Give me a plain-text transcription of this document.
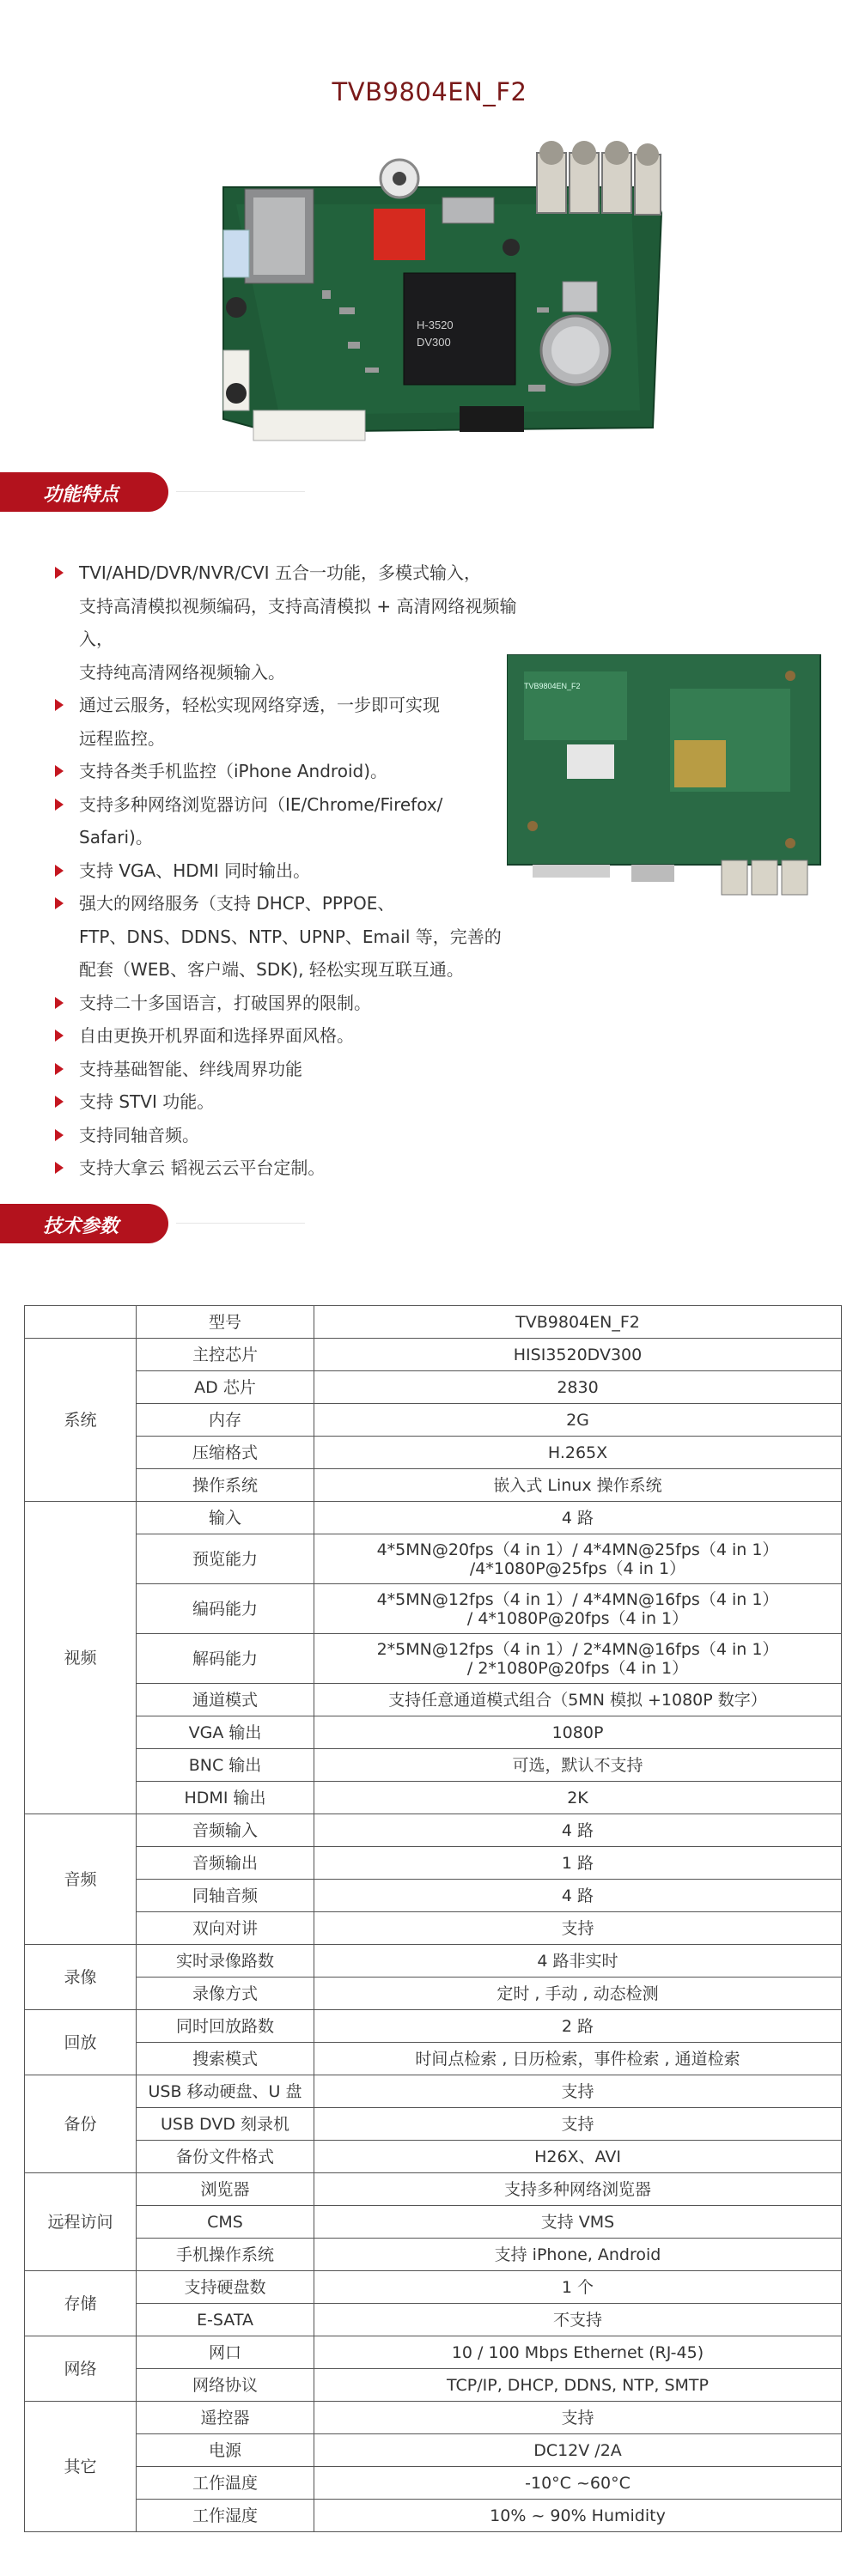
TVB9804EN_F2
H-3520
DV300
功能特点
TVI/AHD/DVR/NVR/CVI 五合一功能，多模式输入，
支持高清模拟视频编码，支持高清模拟 + 高清网络视频输入，
支持纯高清网络视频输入。
通过云服务，轻松实现网络穿透，一步即可实现
远程监控。
支持各类手机监控（iPhone Android)。
支持多种网络浏览器访问（IE/Chrome/Firefox/
Safari)。
支持 VGA、HDMI 同时输出。
强大的网络服务（支持 DHCP、PPPOE、
FTP、DNS、DDNS、NTP、UPNP、Email 等，完善的
配套（WEB、客户端、SDK), 轻松实现互联互通。
支持二十多国语言，打破国界的限制。
自由更换开机界面和选择界面风格。
支持基础智能、绊线周界功能
支持 STVI 功能。
支持同轴音频。
支持大拿云 韬视云云平台定制。
TVB9804EN_F2
技术参数
	型号	TVB9804EN_F2
系统	主控芯片	HISI3520DV300
	AD 芯片	2830
	内存	2G
	压缩格式	H.265X
	操作系统	嵌入式 Linux 操作系统
视频	输入	4 路
	预览能力	4*5MN@20fps（4 in 1）/ 4*4MN@25fps（4 in 1）
/4*1080P@25fps（4 in 1）
	编码能力	4*5MN@12fps（4 in 1）/ 4*4MN@16fps（4 in 1）
/ 4*1080P@20fps（4 in 1）
	解码能力	2*5MN@12fps（4 in 1）/ 2*4MN@16fps（4 in 1）
/ 2*1080P@20fps（4 in 1）
	通道模式	支持任意通道模式组合（5MN 模拟 +1080P 数字）
	VGA 输出	1080P
	BNC 输出	可选，默认不支持
	HDMI 输出	2K
音频	音频输入	4 路
	音频输出	1 路
	同轴音频	4 路
	双向对讲	支持
录像	实时录像路数	4 路非实时
	录像方式	定时 , 手动 , 动态检测
回放	同时回放路数	2 路
	搜索模式	时间点检索 , 日历检索，事件检索 , 通道检索
备份	USB 移动硬盘、U 盘	支持
	USB DVD 刻录机	支持
	备份文件格式	H26X、AVI
远程访问	浏览器	支持多种网络浏览器
	CMS	支持 VMS
	手机操作系统	支持 iPhone, Android
存储	支持硬盘数	1 个
	E-SATA	不支持
网络	网口	10 / 100 Mbps Ethernet (RJ-45)
	网络协议	TCP/IP, DHCP, DDNS, NTP, SMTP
其它	遥控器	支持
	电源	DC12V /2A
	工作温度	-10°C ~60°C
	工作湿度	10% ~ 90% Humidity
